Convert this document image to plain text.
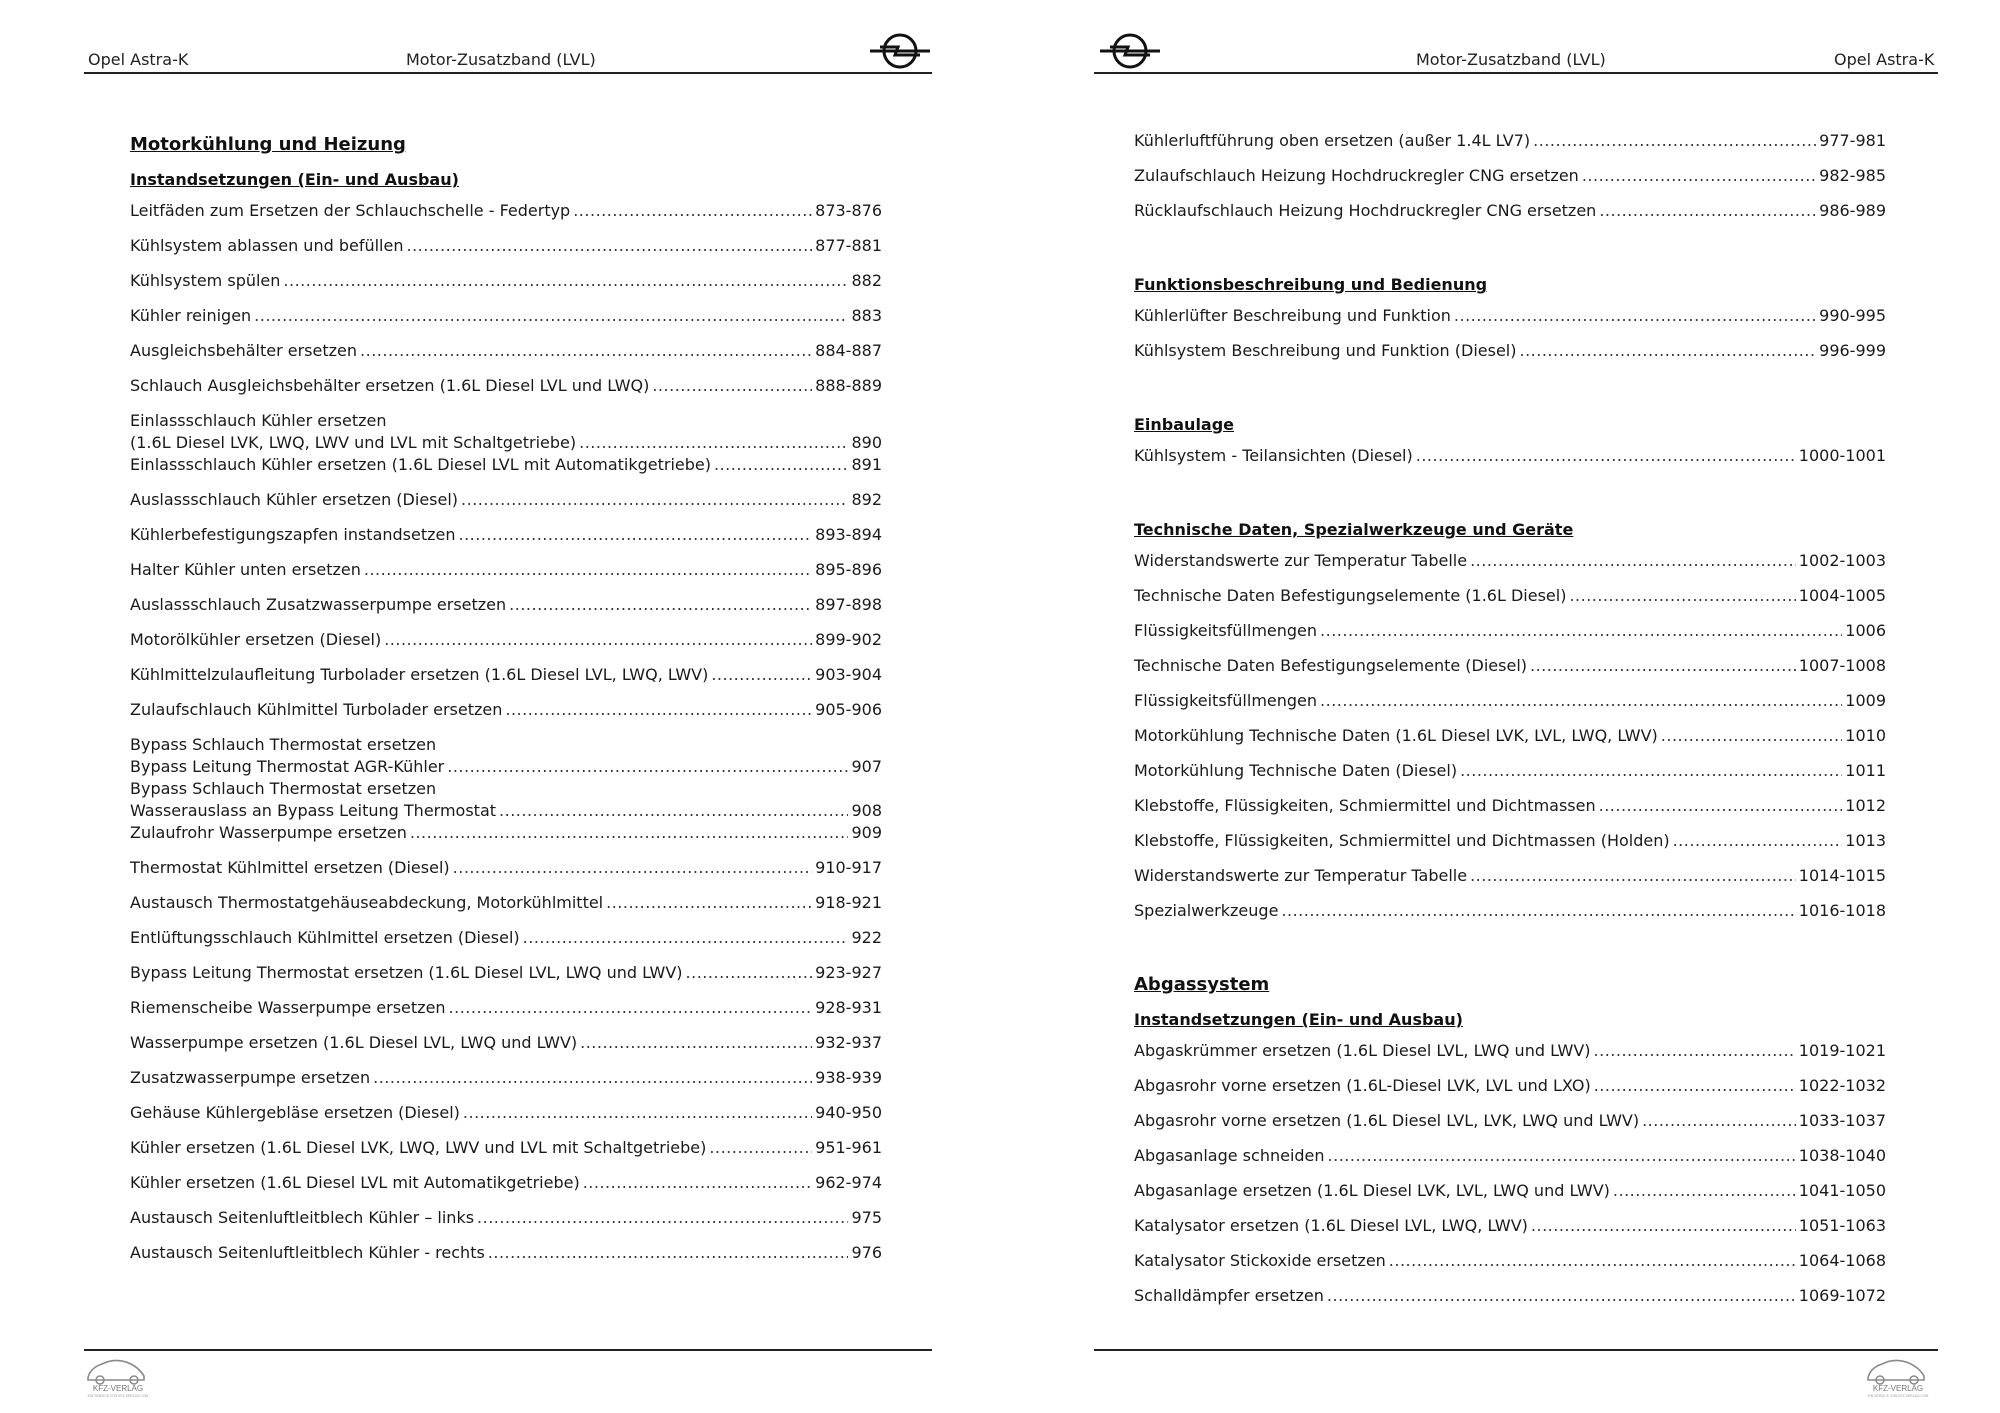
Opel Astra-K	Motor-Zusatzband (LVL)
Motorkühlung und Heizung
Instandsetzungen (Ein- und Ausbau)
Leitfäden zum Ersetzen der Schlauchschelle - Federtyp .....	873-876
Kühlsystem ablassen und befüllen .....	877-881
Kühlsystem spülen .....	882
Kühler reinigen .....	883
Ausgleichsbehälter ersetzen .....	884-887
Schlauch Ausgleichsbehälter ersetzen (1.6L Diesel LVL und LWQ) .....	888-889
Einlassschlauch Kühler ersetzen
(1.6L Diesel LVK, LWQ, LWV und LVL mit Schaltgetriebe) .....	890
Einlassschlauch Kühler ersetzen (1.6L Diesel LVL mit Automatikgetriebe) .....	891
Auslassschlauch Kühler ersetzen (Diesel) .....	892
Kühlerbefestigungszapfen instandsetzen .....	893-894
Halter Kühler unten ersetzen .....	895-896
Auslassschlauch Zusatzwasserpumpe ersetzen .....	897-898
Motorölkühler ersetzen (Diesel) .....	899-902
Kühlmittelzulaufleitung Turbolader ersetzen (1.6L Diesel LVL, LWQ, LWV) .....	903-904
Zulaufschlauch Kühlmittel Turbolader ersetzen .....	905-906
Bypass Schlauch Thermostat ersetzen
Bypass Leitung Thermostat AGR-Kühler .....	907
Bypass Schlauch Thermostat ersetzen
Wasserauslass an Bypass Leitung Thermostat .....	908
Zulaufrohr Wasserpumpe ersetzen .....	909
Thermostat Kühlmittel ersetzen (Diesel) .....	910-917
Austausch Thermostatgehäuseabdeckung, Motorkühlmittel .....	918-921
Entlüftungsschlauch Kühlmittel ersetzen (Diesel) .....	922
Bypass Leitung Thermostat ersetzen (1.6L Diesel LVL, LWQ und LWV) .....	923-927
Riemenscheibe Wasserpumpe ersetzen .....	928-931
Wasserpumpe ersetzen (1.6L Diesel LVL, LWQ und LWV) .....	932-937
Zusatzwasserpumpe ersetzen .....	938-939
Gehäuse Kühlergebläse ersetzen (Diesel) .....	940-950
Kühler ersetzen (1.6L Diesel LVK, LWQ, LWV und LVL mit Schaltgetriebe) .....	951-961
Kühler ersetzen (1.6L Diesel LVL mit Automatikgetriebe) .....	962-974
Austausch Seitenluftleitblech Kühler – links .....	975
Austausch Seitenluftleitblech Kühler - rechts .....	976
KFZ-VERLAG
EIN SERVICE VON KFZ-VERLAG.COM
Motor-Zusatzband (LVL)	Opel Astra-K
Kühlerluftführung oben ersetzen (außer 1.4L LV7) .....	977-981
Zulaufschlauch Heizung Hochdruckregler CNG ersetzen .....	982-985
Rücklaufschlauch Heizung Hochdruckregler CNG ersetzen .....	986-989
Funktionsbeschreibung und Bedienung
Kühlerlüfter Beschreibung und Funktion .....	990-995
Kühlsystem Beschreibung und Funktion (Diesel) .....	996-999
Einbaulage
Kühlsystem - Teilansichten (Diesel) .....	1000-1001
Technische Daten, Spezialwerkzeuge und Geräte
Widerstandswerte zur Temperatur Tabelle .....	1002-1003
Technische Daten Befestigungselemente (1.6L Diesel) .....	1004-1005
Flüssigkeitsfüllmengen .....	1006
Technische Daten Befestigungselemente (Diesel) .....	1007-1008
Flüssigkeitsfüllmengen .....	1009
Motorkühlung Technische Daten (1.6L Diesel LVK, LVL, LWQ, LWV) .....	1010
Motorkühlung Technische Daten (Diesel) .....	1011
Klebstoffe, Flüssigkeiten, Schmiermittel und Dichtmassen .....	1012
Klebstoffe, Flüssigkeiten, Schmiermittel und Dichtmassen (Holden) .....	1013
Widerstandswerte zur Temperatur Tabelle .....	1014-1015
Spezialwerkzeuge .....	1016-1018
Abgassystem
Instandsetzungen (Ein- und Ausbau)
Abgaskrümmer ersetzen (1.6L Diesel LVL, LWQ und LWV) .....	1019-1021
Abgasrohr vorne ersetzen (1.6L-Diesel LVK, LVL und LXO) .....	1022-1032
Abgasrohr vorne ersetzen (1.6L Diesel LVL, LVK, LWQ und LWV) .....	1033-1037
Abgasanlage schneiden .....	1038-1040
Abgasanlage ersetzen (1.6L Diesel LVK, LVL, LWQ und LWV) .....	1041-1050
Katalysator ersetzen (1.6L Diesel LVL, LWQ, LWV) .....	1051-1063
Katalysator Stickoxide ersetzen .....	1064-1068
Schalldämpfer ersetzen .....	1069-1072
KFZ-VERLAG
EIN SERVICE VON KFZ-VERLAG.COM
